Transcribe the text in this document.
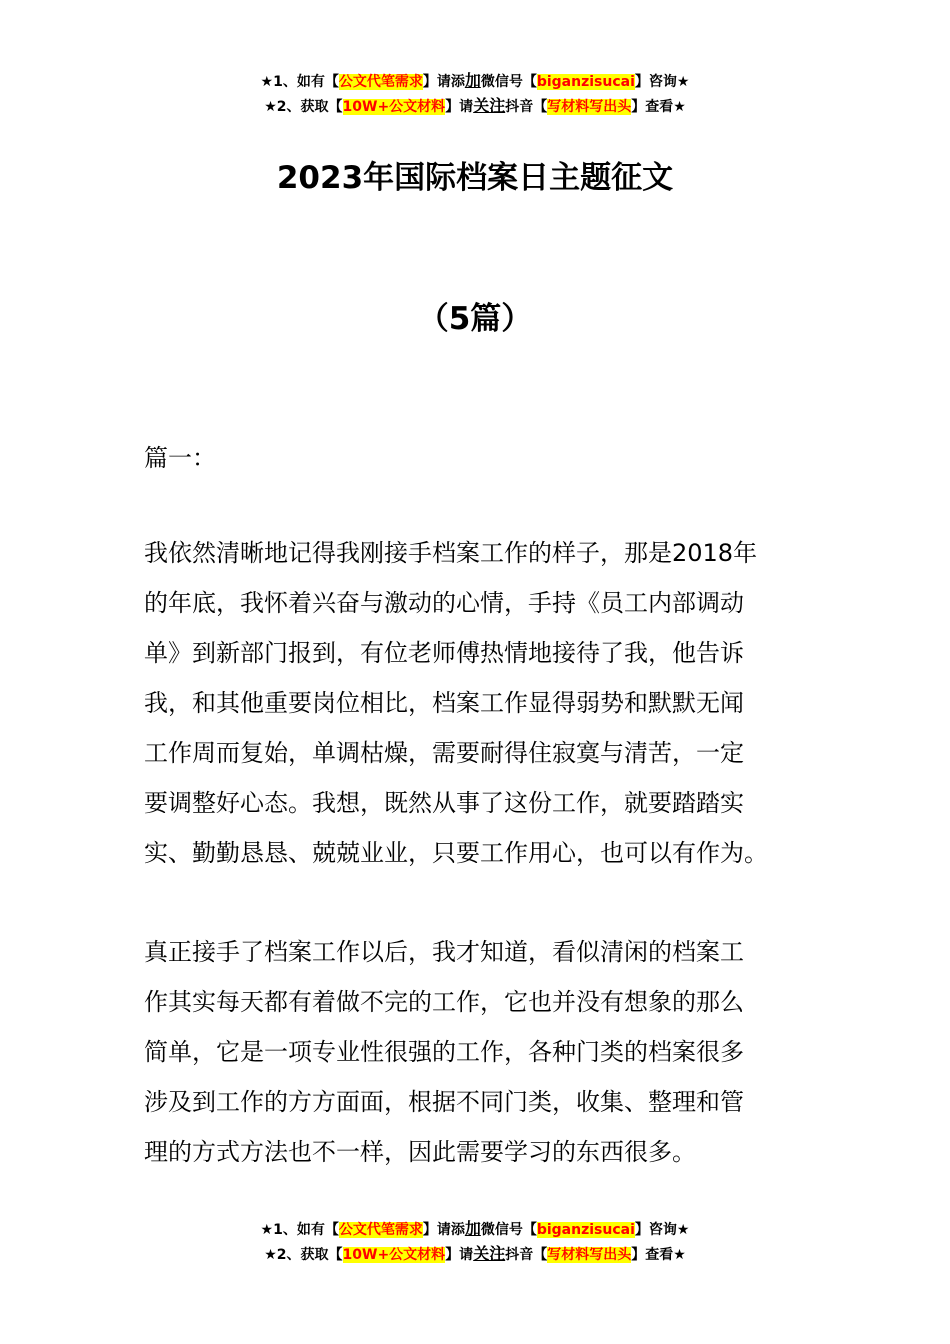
★1、如有【公文代笔需求】请添加微信号【biganzisucai】咨询★
★2、获取【10W+公文材料】请关注抖音【写材料写出头】查看★
2023年国际档案日主题征文
（5篇）
篇一：
我依然清晰地记得我刚接手档案工作的样子，那是2018年
的年底，我怀着兴奋与激动的心情，手持《员工内部调动
单》到新部门报到，有位老师傅热情地接待了我，他告诉
我，和其他重要岗位相比，档案工作显得弱势和默默无闻
工作周而复始，单调枯燥，需要耐得住寂寞与清苦，一定
要调整好心态。我想，既然从事了这份工作，就要踏踏实
实、勤勤恳恳、兢兢业业，只要工作用心，也可以有作为。
真正接手了档案工作以后，我才知道，看似清闲的档案工
作其实每天都有着做不完的工作，它也并没有想象的那么
简单，它是一项专业性很强的工作，各种门类的档案很多
涉及到工作的方方面面，根据不同门类，收集、整理和管
理的方式方法也不一样，因此需要学习的东西很多。
★1、如有【公文代笔需求】请添加微信号【biganzisucai】咨询★
★2、获取【10W+公文材料】请关注抖音【写材料写出头】查看★
